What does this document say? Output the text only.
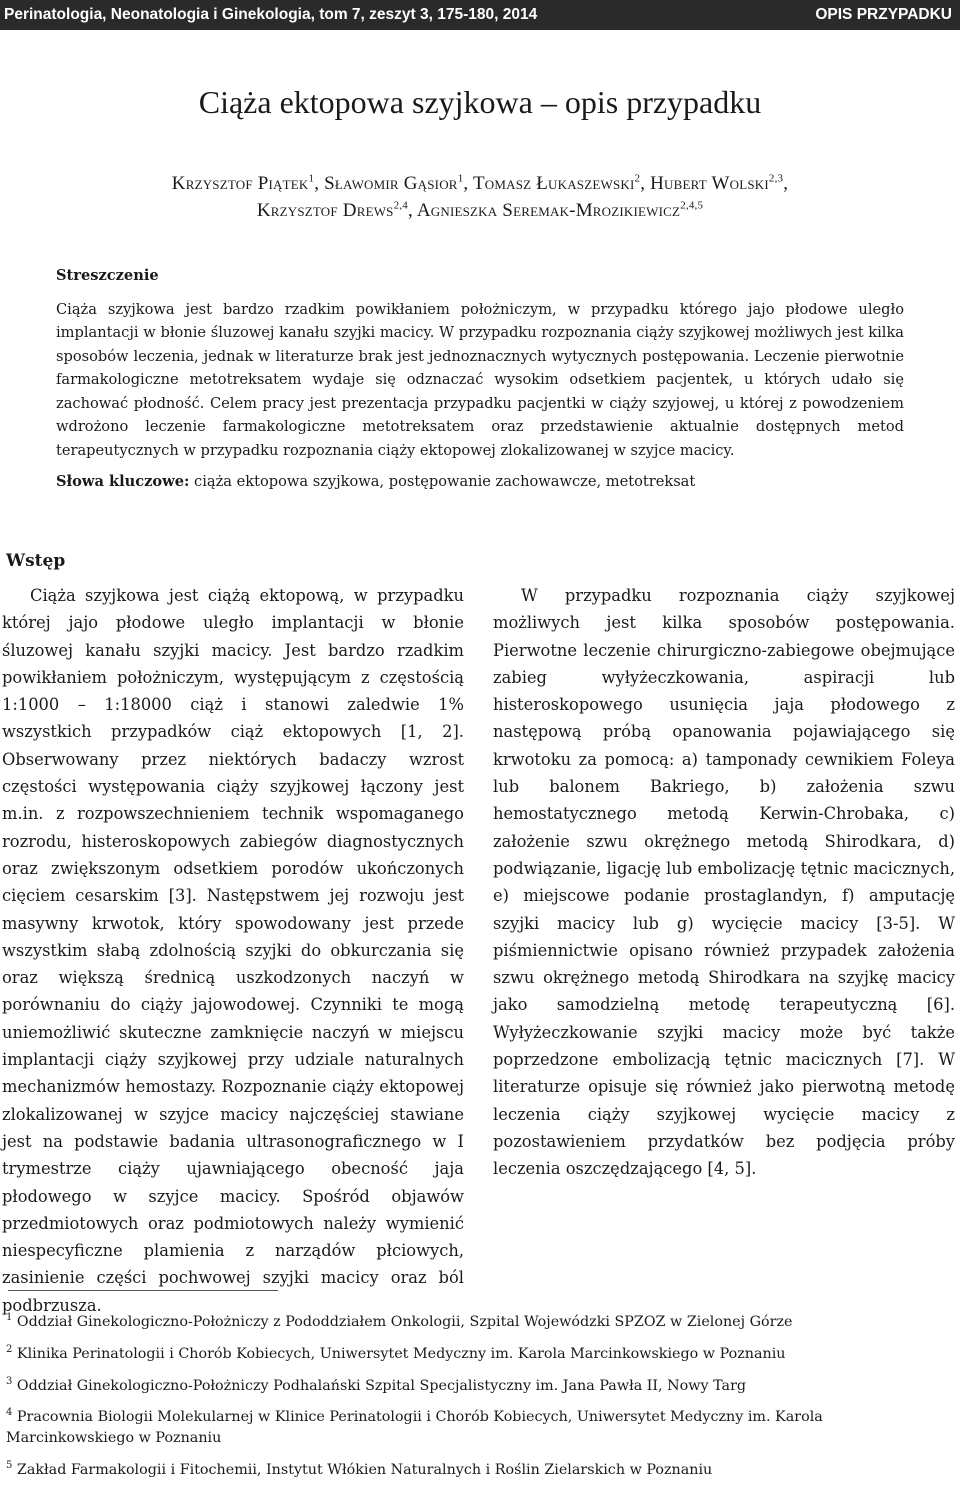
Perinatologia, Neonatologia i Ginekologia, tom 7, zeszyt 3, 175-180, 2014	OPIS PRZYPADKU
Ciąża ektopowa szyjkowa – opis przypadku
Krzysztof Piątek$^1$, Sławomir Gąsior$^1$, Tomasz Łukaszewski$^2$, Hubert Wolski$^{2,3}$,
Krzysztof Drews$^{2,4}$, Agnieszka Seremak-Mrozikiewicz$^{2,4,5}$

Streszczenie

Ciąża szyjkowa jest bardzo rzadkim powikłaniem położniczym, w przypadku którego jajo płodowe uległo implantacji w błonie śluzowej kanału szyjki macicy. W przypadku rozpoznania ciąży szyjkowej możliwych jest kilka sposobów leczenia, jednak w literaturze brak jest jednoznacznych wytycznych postępowania. Leczenie pierwotnie farmakologiczne metotreksatem wydaje się odznaczać wysokim odsetkiem pacjentek, u których udało się zachować płodność. Celem pracy jest prezentacja przypadku pacjentki w ciąży szyjowej, u której z powodzeniem wdrożono leczenie farmakologiczne metotreksatem oraz przedstawienie aktualnie dostępnych metod terapeutycznych w przypadku rozpoznania ciąży ektopowej zlokalizowanej w szyjce macicy.

Słowa kluczowe: ciąża ektopowa szyjkowa, postępowanie zachowawcze, metotreksat

Wstęp

Ciąża szyjkowa jest ciążą ektopową, w przypadku której jajo płodowe uległo implantacji w błonie śluzowej kanału szyjki macicy. Jest bardzo rzadkim powikłaniem położniczym, występującym z częstością 1:1000 – 1:18000 ciąż i stanowi zaledwie 1% wszystkich przypadków ciąż ektopowych [1, 2]. Obserwowany przez niektórych badaczy wzrost częstości występowania ciąży szyjkowej łączony jest m.in. z rozpowszechnieniem technik wspomaganego rozrodu, histeroskopowych zabiegów diagnostycznych oraz zwiększonym odsetkiem porodów ukończonych cięciem cesarskim [3]. Następstwem jej rozwoju jest masywny krwotok, który spowodowany jest przede wszystkim słabą zdolnością szyjki do obkurczania się oraz większą średnicą uszkodzonych naczyń w porównaniu do ciąży jajowodowej. Czynniki te mogą uniemożliwić skuteczne zamknięcie naczyń w miejscu implantacji ciąży szyjkowej przy udziale naturalnych mechanizmów hemostazy. Rozpoznanie ciąży ektopowej zlokalizowanej w szyjce macicy najczęściej stawiane jest na podstawie badania ultrasonograficznego w I trymestrze ciąży ujawniającego obecność jaja płodowego w szyjce macicy. Spośród objawów przedmiotowych oraz podmiotowych należy wymienić niespecyficzne plamienia z narządów płciowych, zasinienie części pochwowej szyjki macicy oraz ból podbrzusza.

W przypadku rozpoznania ciąży szyjkowej możliwych jest kilka sposobów postępowania. Pierwotne leczenie chirurgiczno-zabiegowe obejmujące zabieg wyłyżeczkowania, aspiracji lub histeroskopowego usunięcia jaja płodowego z następową próbą opanowania pojawiającego się krwotoku za pomocą: a) tamponady cewnikiem Foleya lub balonem Bakriego, b) założenia szwu hemostatycznego metodą Kerwin-Chrobaka, c) założenie szwu okrężnego metodą Shirodkara, d) podwiązanie, ligację lub embolizację tętnic macicznych, e) miejscowe podanie prostaglandyn, f) amputację szyjki macicy lub g) wycięcie macicy [3-5]. W piśmiennictwie opisano również przypadek założenia szwu okrężnego metodą Shirodkara na szyjkę macicy jako samodzielną metodę terapeutyczną [6]. Wyłyżeczkowanie szyjki macicy może być także poprzedzone embolizacją tętnic macicznych [7]. W literaturze opisuje się również jako pierwotną metodę leczenia ciąży szyjkowej wycięcie macicy z pozostawieniem przydatków bez podjęcia próby leczenia oszczędzającego [4, 5].

$^1$ Oddział Ginekologiczno-Położniczy z Pododdziałem Onkologii, Szpital Wojewódzki SPZOZ w Zielonej Górze

$^2$ Klinika Perinatologii i Chorób Kobiecych, Uniwersytet Medyczny im. Karola Marcinkowskiego w Poznaniu

$^3$ Oddział Ginekologiczno-Położniczy Podhalański Szpital Specjalistyczny im. Jana Pawła II, Nowy Targ

$^4$ Pracownia Biologii Molekularnej w Klinice Perinatologii i Chorób Kobiecych, Uniwersytet Medyczny im. Karola Marcinkowskiego w Poznaniu

$^5$ Zakład Farmakologii i Fitochemii, Instytut Włókien Naturalnych i Roślin Zielarskich w Poznaniu
